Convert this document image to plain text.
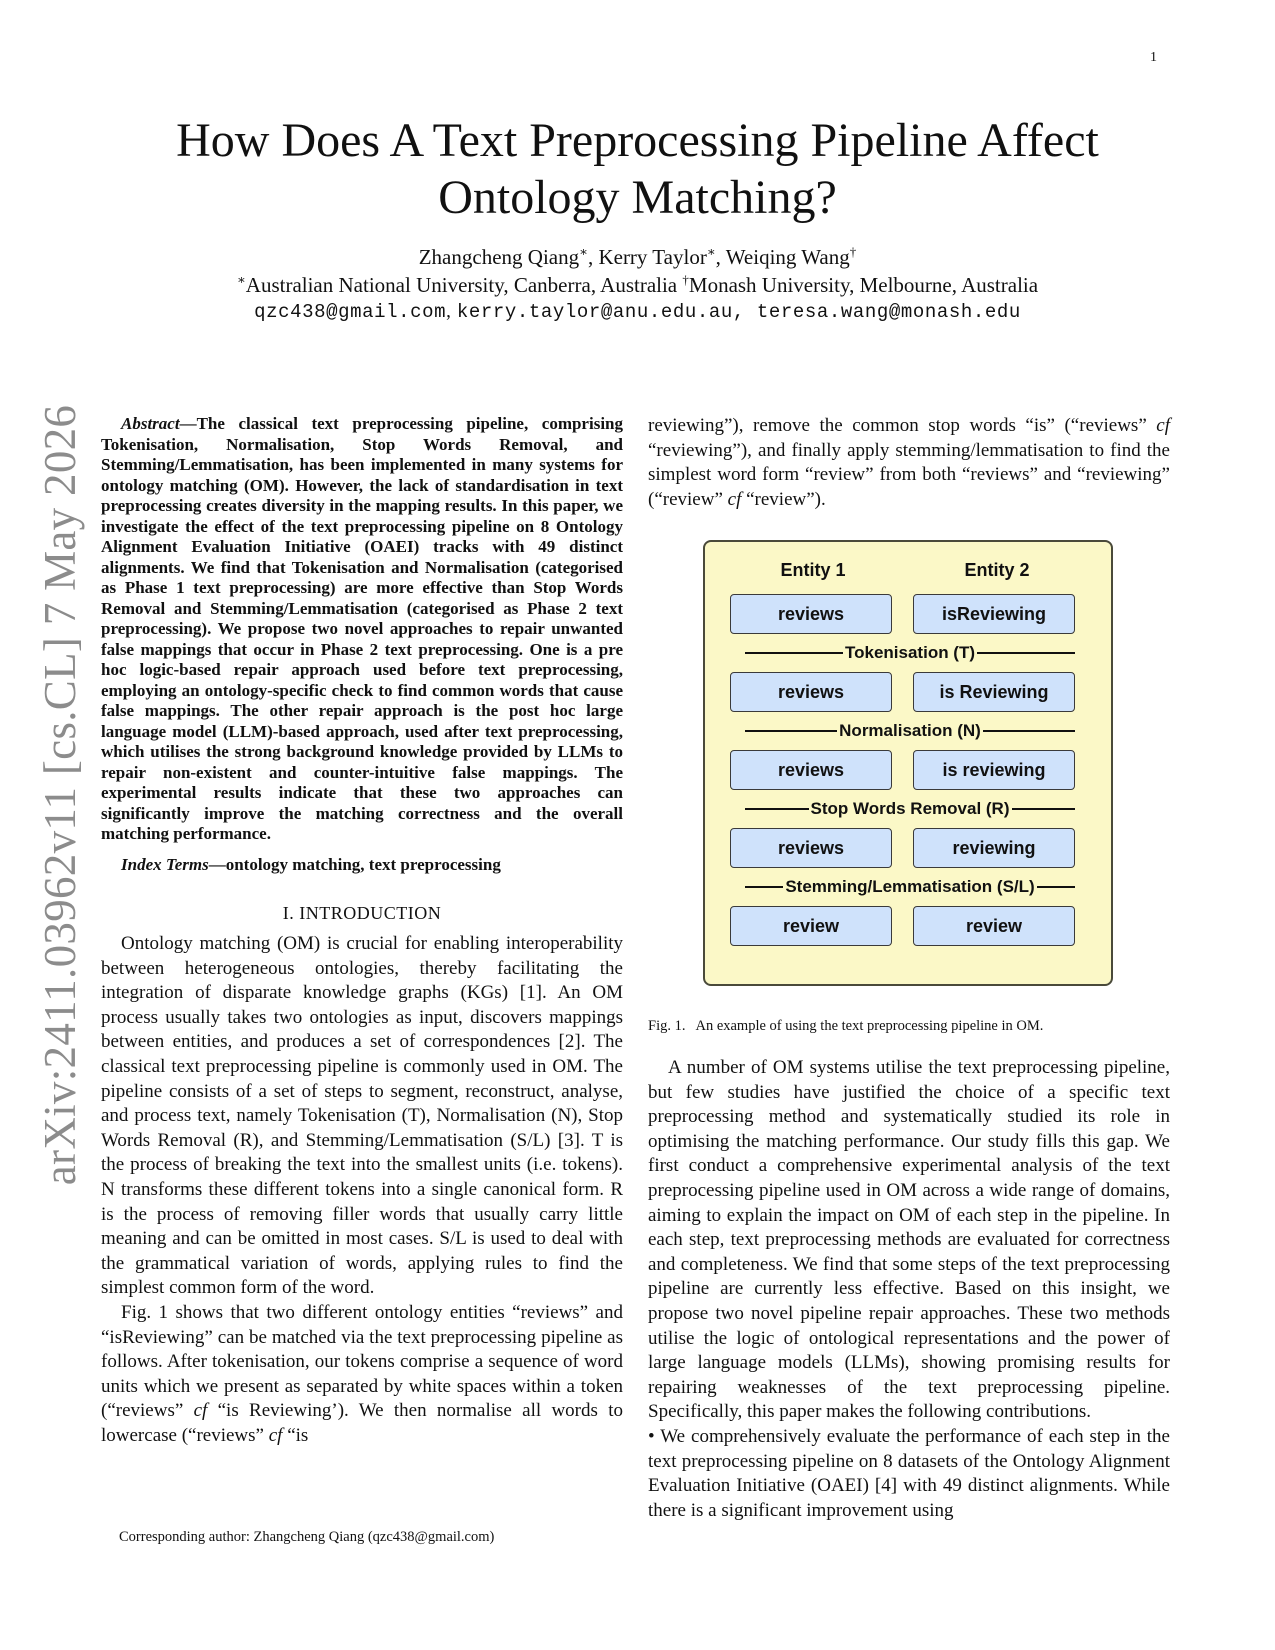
1
arXiv:2411.03962v11 [cs.CL] 7 May 2026
How Does A Text Preprocessing Pipeline Affect Ontology Matching?
Zhangcheng Qiang∗, Kerry Taylor∗, Weiqing Wang†
∗Australian National University, Canberra, Australia †Monash University, Melbourne, Australia
qzc438@gmail.com, kerry.taylor@anu.edu.au, teresa.wang@monash.edu

Abstract—The classical text preprocessing pipeline, comprising Tokenisation, Normalisation, Stop Words Removal, and Stemming/Lemmatisation, has been implemented in many systems for ontology matching (OM). However, the lack of standardisation in text preprocessing creates diversity in the mapping results. In this paper, we investigate the effect of the text preprocessing pipeline on 8 Ontology Alignment Evaluation Initiative (OAEI) tracks with 49 distinct alignments. We find that Tokenisation and Normalisation (categorised as Phase 1 text preprocessing) are more effective than Stop Words Removal and Stemming/Lemmatisation (categorised as Phase 2 text preprocessing). We propose two novel approaches to repair unwanted false mappings that occur in Phase 2 text preprocessing. One is a pre hoc logic-based repair approach used before text preprocessing, employing an ontology-specific check to find common words that cause false mappings. The other repair approach is the post hoc large language model (LLM)-based approach, used after text preprocessing, which utilises the strong background knowledge provided by LLMs to repair non-existent and counter-intuitive false mappings. The experimental results indicate that these two approaches can significantly improve the matching correctness and the overall matching performance.

Index Terms—ontology matching, text preprocessing

I. INTRODUCTION

Ontology matching (OM) is crucial for enabling interoperability between heterogeneous ontologies, thereby facilitating the integration of disparate knowledge graphs (KGs) [1]. An OM process usually takes two ontologies as input, discovers mappings between entities, and produces a set of correspondences [2]. The classical text preprocessing pipeline is commonly used in OM. The pipeline consists of a set of steps to segment, reconstruct, analyse, and process text, namely Tokenisation (T), Normalisation (N), Stop Words Removal (R), and Stemming/Lemmatisation (S/L) [3]. T is the process of breaking the text into the smallest units (i.e. tokens). N transforms these different tokens into a single canonical form. R is the process of removing filler words that usually carry little meaning and can be omitted in most cases. S/L is used to deal with the grammatical variation of words, applying rules to find the simplest common form of the word.

Fig. 1 shows that two different ontology entities “reviews” and “isReviewing” can be matched via the text preprocessing pipeline as follows. After tokenisation, our tokens comprise a sequence of word units which we present as separated by white spaces within a token (“reviews” cf “is Reviewing’). We then normalise all words to lowercase (“reviews” cf “is

reviewing”), remove the common stop words “is” (“reviews” cf “reviewing”), and finally apply stemming/lemmatisation to find the simplest word form “review” from both “reviews” and “reviewing” (“review” cf “review”).

Entity 1	Entity 2
reviews	isReviewing
Tokenisation (T)
reviews	is Reviewing
Normalisation (N)
reviews	is reviewing
Stop Words Removal (R)
reviews	reviewing
Stemming/Lemmatisation (S/L)
review	review
Fig. 1. An example of using the text preprocessing pipeline in OM.

A number of OM systems utilise the text preprocessing pipeline, but few studies have justified the choice of a specific text preprocessing method and systematically studied its role in optimising the matching performance. Our study fills this gap. We first conduct a comprehensive experimental analysis of the text preprocessing pipeline used in OM across a wide range of domains, aiming to explain the impact on OM of each step in the pipeline. In each step, text preprocessing methods are evaluated for correctness and completeness. We find that some steps of the text preprocessing pipeline are currently less effective. Based on this insight, we propose two novel pipeline repair approaches. These two methods utilise the logic of ontological representations and the power of large language models (LLMs), showing promising results for repairing weaknesses of the text preprocessing pipeline. Specifically, this paper makes the following contributions.

• We comprehensively evaluate the performance of each step in the text preprocessing pipeline on 8 datasets of the Ontology Alignment Evaluation Initiative (OAEI) [4] with 49 distinct alignments. While there is a significant improvement using

Corresponding author: Zhangcheng Qiang (qzc438@gmail.com)
